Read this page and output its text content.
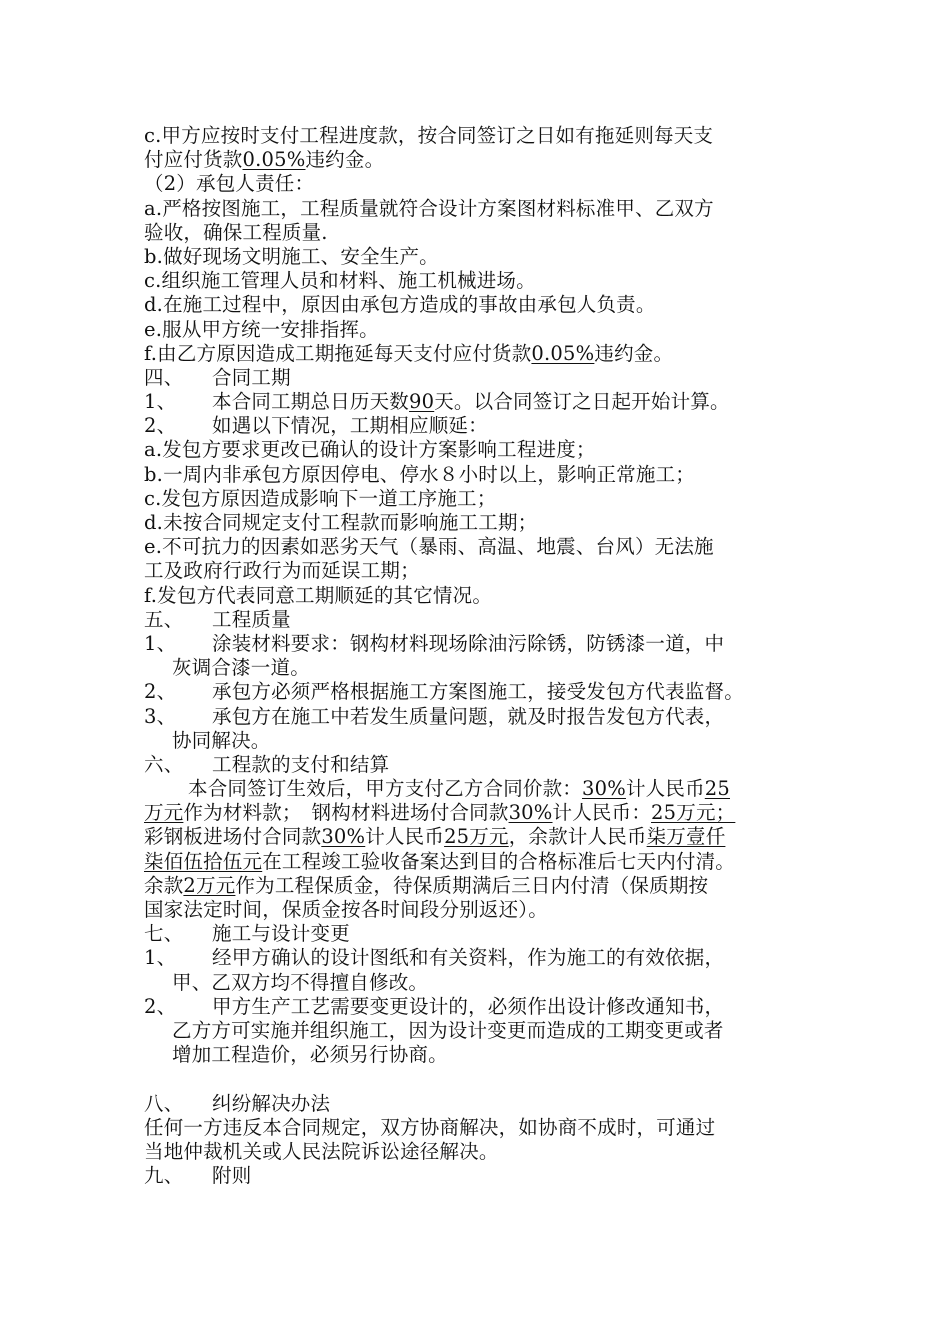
c.甲方应按时支付工程进度款，按合同签订之日如有拖延则每天支
付应付货款0.05%违约金。
（2）承包人责任：
a.严格按图施工，工程质量就符合设计方案图材料标准甲、乙双方
验收，确保工程质量.
b.做好现场文明施工、安全生产。
c.组织施工管理人员和材料、施工机械进场。
d.在施工过程中，原因由承包方造成的事故由承包人负责。
e.服从甲方统一安排指挥。
f.由乙方原因造成工期拖延每天支付应付货款0.05%违约金。
四、 合同工期
1、 本合同工期总日历天数90天。以合同签订之日起开始计算。
2、 如遇以下情况，工期相应顺延：
a.发包方要求更改已确认的设计方案影响工程进度；
b.一周内非承包方原因停电、停水８小时以上，影响正常施工；
c.发包方原因造成影响下一道工序施工；
d.未按合同规定支付工程款而影响施工工期；
e.不可抗力的因素如恶劣天气（暴雨、高温、地震、台风）无法施
工及政府行政行为而延误工期；
f.发包方代表同意工期顺延的其它情况。
五、 工程质量
1、 涂装材料要求：钢构材料现场除油污除锈，防锈漆一道，中
灰调合漆一道。
2、 承包方必须严格根据施工方案图施工，接受发包方代表监督。
3、 承包方在施工中若发生质量问题，就及时报告发包方代表，
协同解决。
六、 工程款的支付和结算
本合同签订生效后，甲方支付乙方合同价款：30%计人民币25
万元作为材料款；　钢构材料进场付合同款30%计人民币：25万元；
彩钢板进场付合同款30%计人民币25万元，余款计人民币柒万壹仟
柒佰伍拾伍元在工程竣工验收备案达到目的合格标准后七天内付清。
余款2万元作为工程保质金，待保质期满后三日内付清（保质期按
国家法定时间，保质金按各时间段分别返还）。
七、 施工与设计变更
1、 经甲方确认的设计图纸和有关资料，作为施工的有效依据，
甲、乙双方均不得擅自修改。
2、 甲方生产工艺需要变更设计的，必须作出设计修改通知书，
乙方方可实施并组织施工，因为设计变更而造成的工期变更或者
增加工程造价，必须另行协商。
八、 纠纷解决办法
任何一方违反本合同规定，双方协商解决，如协商不成时，可通过
当地仲裁机关或人民法院诉讼途径解决。
九、 附则
